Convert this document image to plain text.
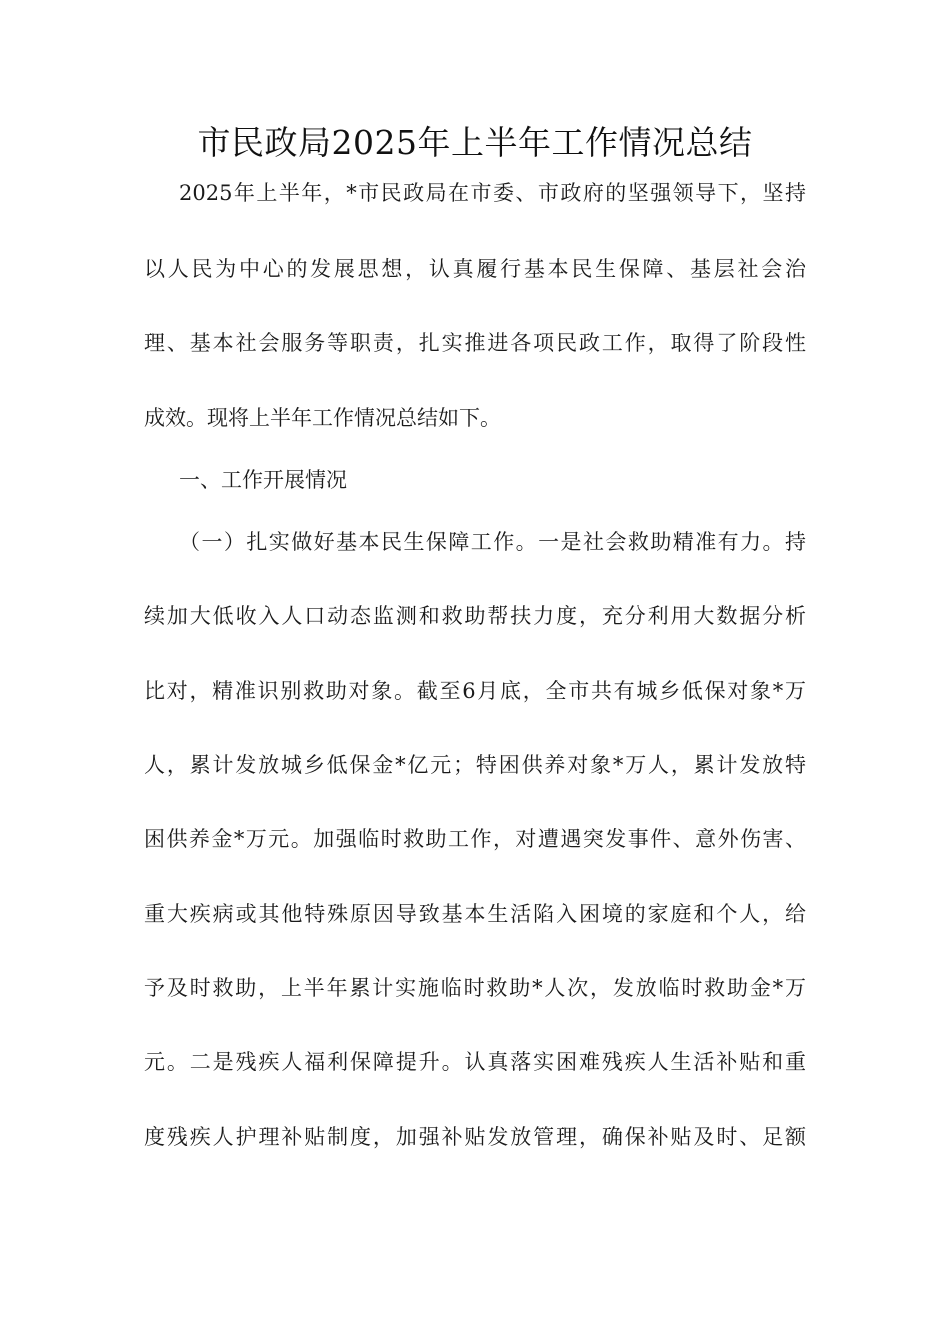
市民政局2025年上半年工作情况总结
2025年上半年，*市民政局在市委、市政府的坚强领导下，坚持
以人民为中心的发展思想，认真履行基本民生保障、基层社会治
理、基本社会服务等职责，扎实推进各项民政工作，取得了阶段性
成效。现将上半年工作情况总结如下。
一、工作开展情况
（一）扎实做好基本民生保障工作。一是社会救助精准有力。持
续加大低收入人口动态监测和救助帮扶力度，充分利用大数据分析
比对，精准识别救助对象。截至6月底，全市共有城乡低保对象*万
人，累计发放城乡低保金*亿元；特困供养对象*万人，累计发放特
困供养金*万元。加强临时救助工作，对遭遇突发事件、意外伤害、
重大疾病或其他特殊原因导致基本生活陷入困境的家庭和个人，给
予及时救助，上半年累计实施临时救助*人次，发放临时救助金*万
元。二是残疾人福利保障提升。认真落实困难残疾人生活补贴和重
度残疾人护理补贴制度，加强补贴发放管理，确保补贴及时、足额
